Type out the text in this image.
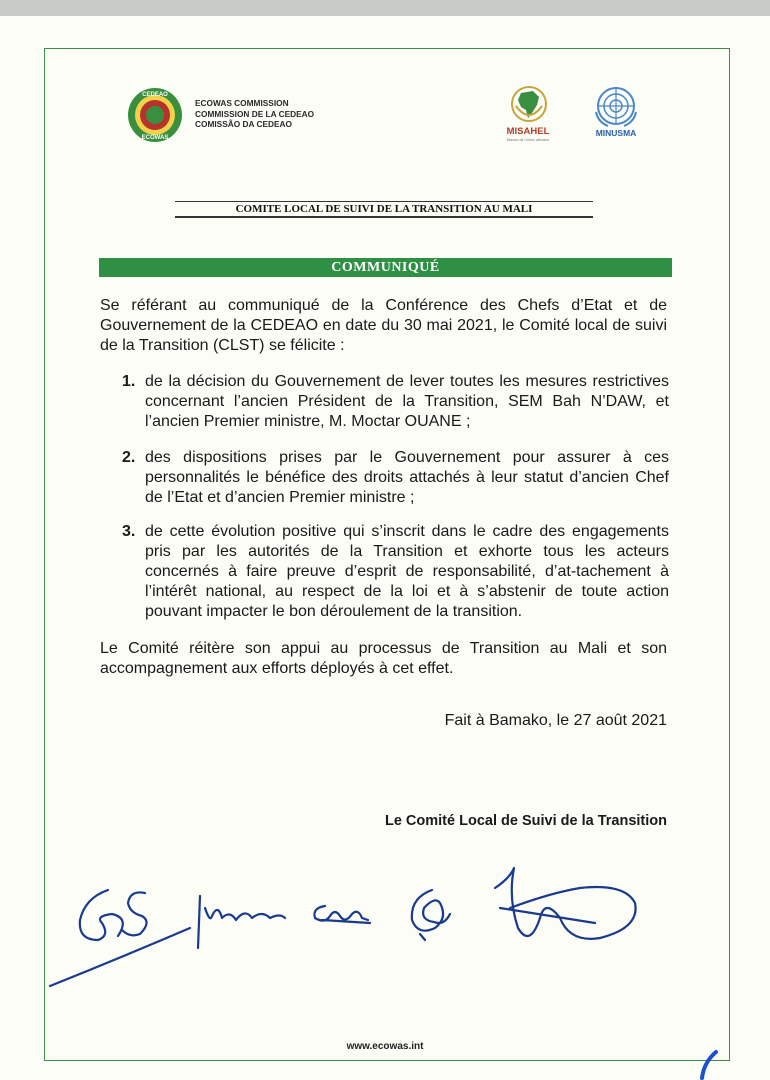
CEDEAO
ECOWAS
ECOWAS COMMISSION
COMMISSION DE LA CEDEAO
COMISSÃO DA CEDEAO
MISAHEL
Mission de l'Union africaine
MINUSMA
COMITE LOCAL DE SUIVI DE LA TRANSITION AU MALI
COMMUNIQUÉ
Se référant au communiqué de la Conférence des Chefs d’Etat et de Gouvernement de la CEDEAO en date du 30 mai 2021, le Comité local de suivi de la Transition (CLST) se félicite :
1. de la décision du Gouvernement de lever toutes les mesures restrictives concernant l’ancien Président de la Transition, SEM Bah N’DAW, et l’ancien Premier ministre, M. Moctar OUANE ;
2. des dispositions prises par le Gouvernement pour assurer à ces personnalités le bénéfice des droits attachés à leur statut d’ancien Chef de l’Etat et d’ancien Premier ministre ;
3. de cette évolution positive qui s’inscrit dans le cadre des engagements pris par les autorités de la Transition et exhorte tous les acteurs concernés à faire preuve d’esprit de responsabilité, d’at-tachement à l’intérêt national, au respect de la loi et à s’abstenir de toute action pouvant impacter le bon déroulement de la transition.
Le Comité réitère son appui au processus de Transition au Mali et son accompagnement aux efforts déployés à cet effet.
Fait à Bamako, le 27 août 2021
Le Comité Local de Suivi de la Transition
www.ecowas.int
